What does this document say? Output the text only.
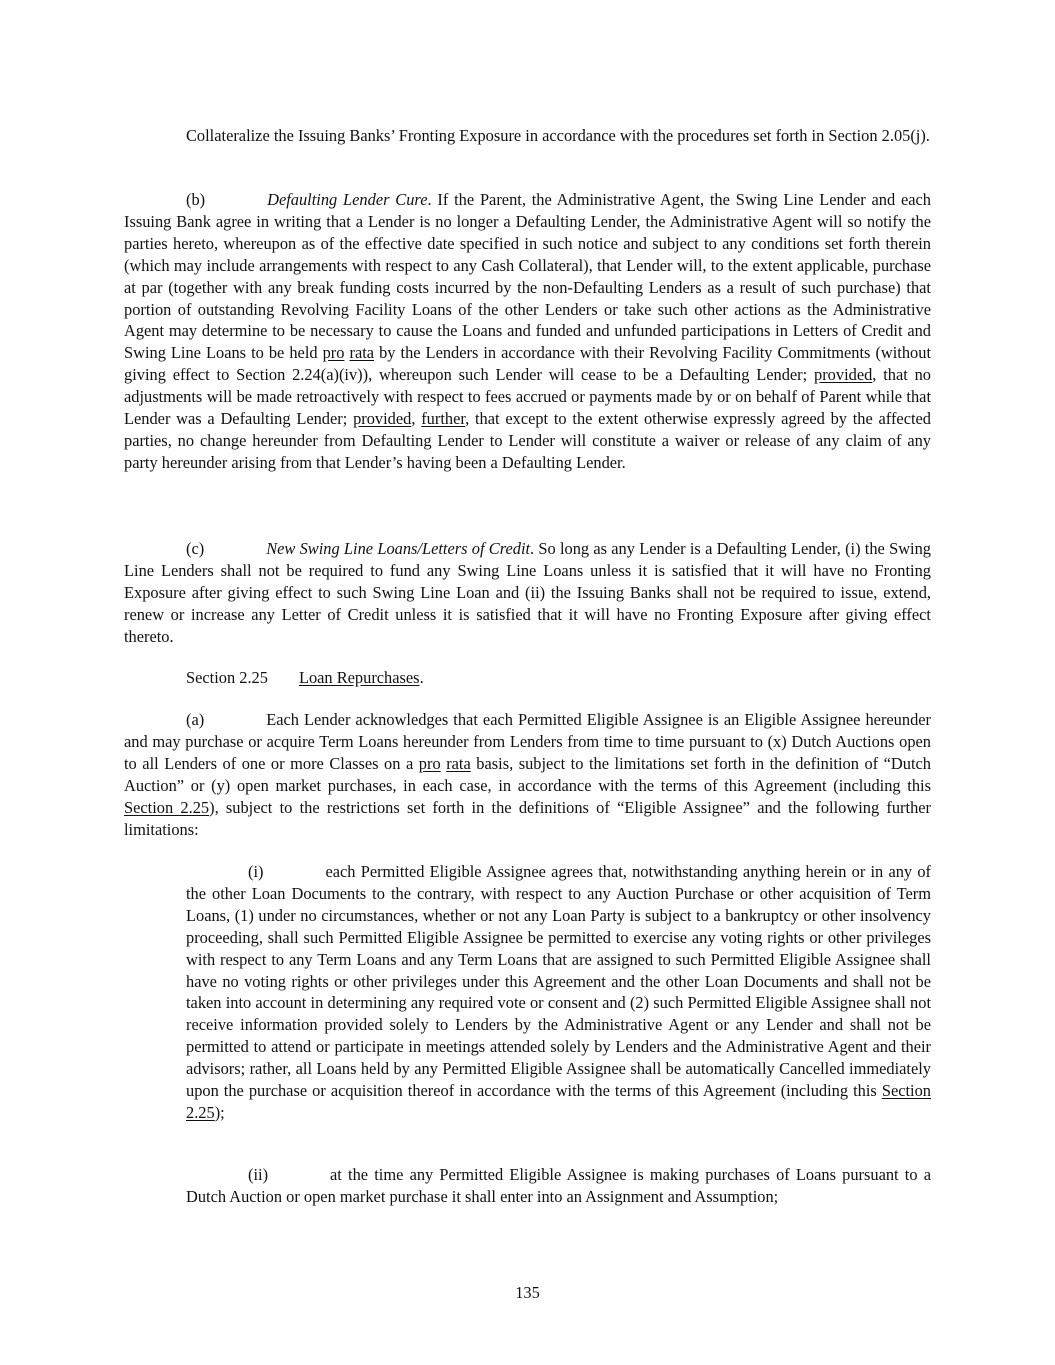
Collateralize the Issuing Banks’ Fronting Exposure in accordance with the procedures set forth in Section 2.05(j).

(b)	Defaulting Lender Cure. If the Parent, the Administrative Agent, the Swing Line Lender and each Issuing Bank agree in writing that a Lender is no longer a Defaulting Lender, the Administrative Agent will so notify the parties hereto, whereupon as of the effective date specified in such notice and subject to any conditions set forth therein (which may include arrangements with respect to any Cash Collateral), that Lender will, to the extent applicable, purchase at par (together with any break funding costs incurred by the non-Defaulting Lenders as a result of such purchase) that portion of outstanding Revolving Facility Loans of the other Lenders or take such other actions as the Administrative Agent may determine to be necessary to cause the Loans and funded and unfunded participations in Letters of Credit and Swing Line Loans to be held pro rata by the Lenders in accordance with their Revolving Facility Commitments (without giving effect to Section 2.24(a)(iv)), whereupon such Lender will cease to be a Defaulting Lender; provided, that no adjustments will be made retroactively with respect to fees accrued or payments made by or on behalf of Parent while that Lender was a Defaulting Lender; provided, further, that except to the extent otherwise expressly agreed by the affected parties, no change hereunder from Defaulting Lender to Lender will constitute a waiver or release of any claim of any party hereunder arising from that Lender’s having been a Defaulting Lender.

(c)	New Swing Line Loans/Letters of Credit. So long as any Lender is a Defaulting Lender, (i) the Swing Line Lenders shall not be required to fund any Swing Line Loans unless it is satisfied that it will have no Fronting Exposure after giving effect to such Swing Line Loan and (ii) the Issuing Banks shall not be required to issue, extend, renew or increase any Letter of Credit unless it is satisfied that it will have no Fronting Exposure after giving effect thereto.

Section 2.25 Loan Repurchases.

(a)	Each Lender acknowledges that each Permitted Eligible Assignee is an Eligible Assignee hereunder and may purchase or acquire Term Loans hereunder from Lenders from time to time pursuant to (x) Dutch Auctions open to all Lenders of one or more Classes on a pro rata basis, subject to the limitations set forth in the definition of “Dutch Auction” or (y) open market purchases, in each case, in accordance with the terms of this Agreement (including this Section 2.25), subject to the restrictions set forth in the definitions of “Eligible Assignee” and the following further limitations:

(i)	each Permitted Eligible Assignee agrees that, notwithstanding anything herein or in any of the other Loan Documents to the contrary, with respect to any Auction Purchase or other acquisition of Term Loans, (1) under no circumstances, whether or not any Loan Party is subject to a bankruptcy or other insolvency proceeding, shall such Permitted Eligible Assignee be permitted to exercise any voting rights or other privileges with respect to any Term Loans and any Term Loans that are assigned to such Permitted Eligible Assignee shall have no voting rights or other privileges under this Agreement and the other Loan Documents and shall not be taken into account in determining any required vote or consent and (2) such Permitted Eligible Assignee shall not receive information provided solely to Lenders by the Administrative Agent or any Lender and shall not be permitted to attend or participate in meetings attended solely by Lenders and the Administrative Agent and their advisors; rather, all Loans held by any Permitted Eligible Assignee shall be automatically Cancelled immediately upon the purchase or acquisition thereof in accordance with the terms of this Agreement (including this Section 2.25);

(ii)	at the time any Permitted Eligible Assignee is making purchases of Loans pursuant to a Dutch Auction or open market purchase it shall enter into an Assignment and Assumption;

135
